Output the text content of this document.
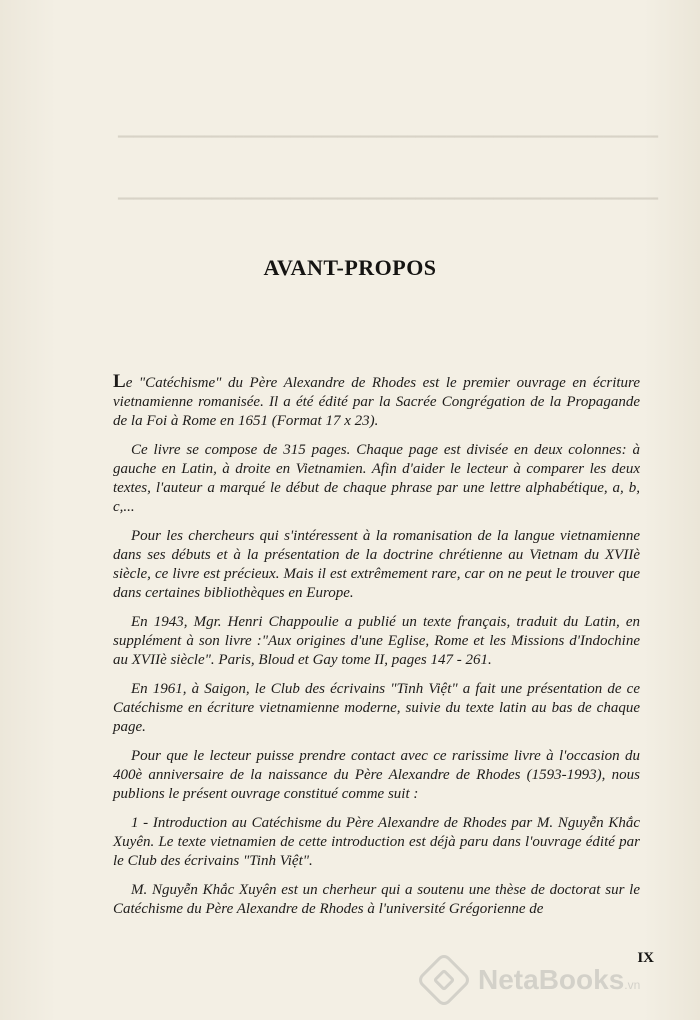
━━━━━━━━━━━━━━━━━━━━━━━━━━━━━━━━━━━━━━━━━━━━━━━━━━━━━━━━━━━━━━━━━━━━━
━━━━━━━━━━━━━━━━━━━━━━━━━━━━━━━━━━━━━━━━━━━━━━━━━━━━━━━━━━━━━━━━━━━━━
AVANT-PROPOS

Le "Catéchisme" du Père Alexandre de Rhodes est le premier ouvrage en écriture vietnamienne romanisée. Il a été édité par la Sacrée Congrégation de la Propagande de la Foi à Rome en 1651 (Format 17 x 23).

Ce livre se compose de 315 pages. Chaque page est divisée en deux colonnes: à gauche en Latin, à droite en Vietnamien. Afin d'aider le lecteur à comparer les deux textes, l'auteur a marqué le début de chaque phrase par une lettre alphabétique, a, b, c,...

Pour les chercheurs qui s'intéressent à la romanisation de la langue vietnamienne dans ses débuts et à la présentation de la doctrine chrétienne au Vietnam du XVIIè siècle, ce livre est précieux. Mais il est extrêmement rare, car on ne peut le trouver que dans certaines bibliothèques en Europe.

En 1943, Mgr. Henri Chappoulie a publié un texte français, traduit du Latin, en supplément à son livre :"Aux origines d'une Eglise, Rome et les Missions d'Indochine au XVIIè siècle". Paris, Bloud et Gay tome II, pages 147 - 261.

En 1961, à Saigon, le Club des écrivains "Tinh Việt" a fait une présentation de ce Catéchisme en écriture vietnamienne moderne, suivie du texte latin au bas de chaque page.

Pour que le lecteur puisse prendre contact avec ce rarissime livre à l'occasion du 400è anniversaire de la naissance du Père Alexandre de Rhodes (1593-1993), nous publions le présent ouvrage constitué comme suit :

1 - Introduction au Catéchisme du Père Alexandre de Rhodes par M. Nguyễn Khắc Xuyên. Le texte vietnamien de cette introduction est déjà paru dans l'ouvrage édité par le Club des écrivains "Tinh Việt".

M. Nguyễn Khắc Xuyên est un cherheur qui a soutenu une thèse de doctorat sur le Catéchisme du Père Alexandre de Rhodes à l'université Grégorienne de

IX
NetaBooks.vn
